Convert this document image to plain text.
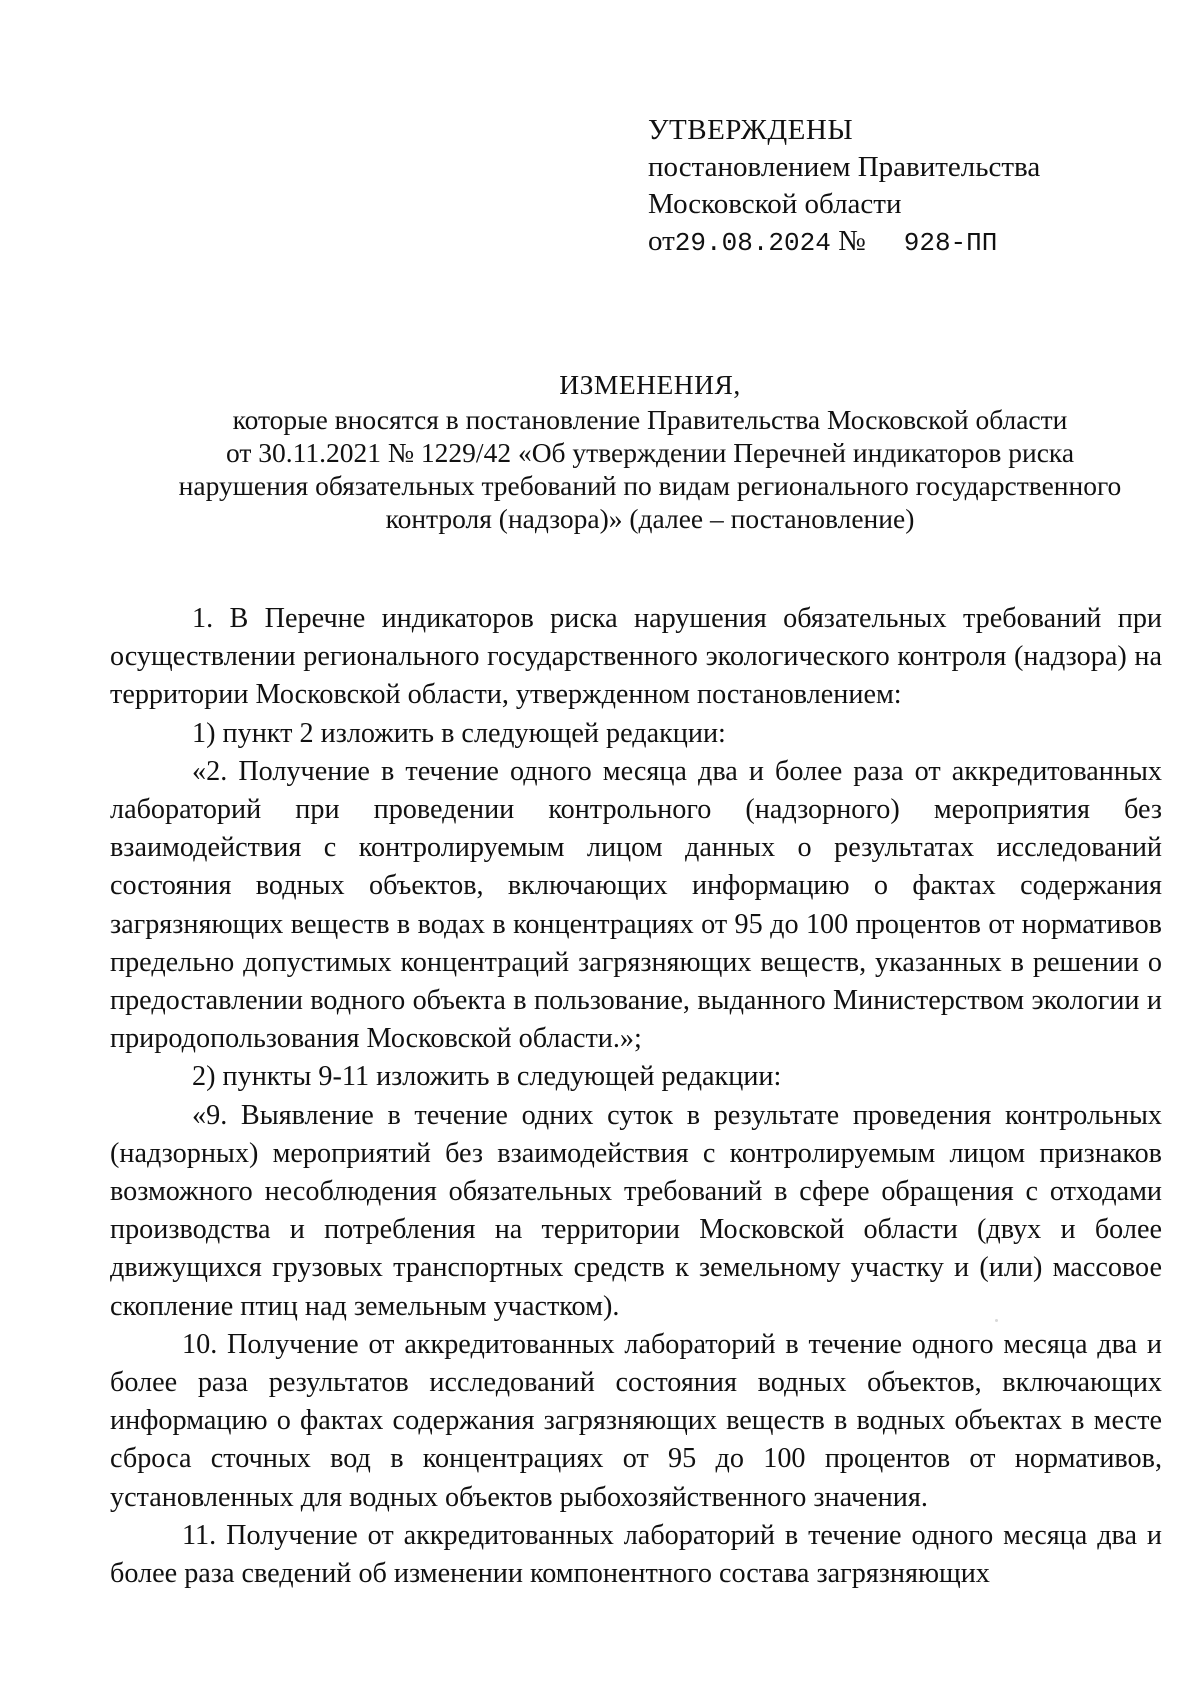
УТВЕРЖДЕНЫ
постановлением Правительства
Московской области
от29.08.2024 № 928-ПП
ИЗМЕНЕНИЯ,
которые вносятся в постановление Правительства Московской области
от 30.11.2021 № 1229/42 «Об утверждении Перечней индикаторов риска
нарушения обязательных требований по видам регионального государственного
контроля (надзора)» (далее – постановление)

1. В Перечне индикаторов риска нарушения обязательных требований при осуществлении регионального государственного экологического контроля (надзора) на территории Московской области, утвержденном постановлением:

1) пункт 2 изложить в следующей редакции:

«2. Получение в течение одного месяца два и более раза от аккредитованных лабораторий при проведении контрольного (надзорного) мероприятия без взаимодействия с контролируемым лицом данных о результатах исследований состояния водных объектов, включающих информацию о фактах содержания загрязняющих веществ в водах в концентрациях от 95 до 100 процентов от нормативов предельно допустимых концентраций загрязняющих веществ, указанных в решении о предоставлении водного объекта в пользование, выданного Министерством экологии и природопользования Московской области.»;

2) пункты 9-11 изложить в следующей редакции:

«9. Выявление в течение одних суток в результате проведения контрольных (надзорных) мероприятий без взаимодействия с контролируемым лицом признаков возможного несоблюдения обязательных требований в сфере обращения с отходами производства и потребления на территории Московской области (двух и более движущихся грузовых транспортных средств к земельному участку и (или) массовое скопление птиц над земельным участком).

10. Получение от аккредитованных лабораторий в течение одного месяца два и более раза результатов исследований состояния водных объектов, включающих информацию о фактах содержания загрязняющих веществ в водных объектах в месте сброса сточных вод в концентрациях от 95 до 100 процентов от нормативов, установленных для водных объектов рыбохозяйственного значения.

11. Получение от аккредитованных лабораторий в течение одного месяца два и более раза сведений об изменении компонентного состава загрязняющих
